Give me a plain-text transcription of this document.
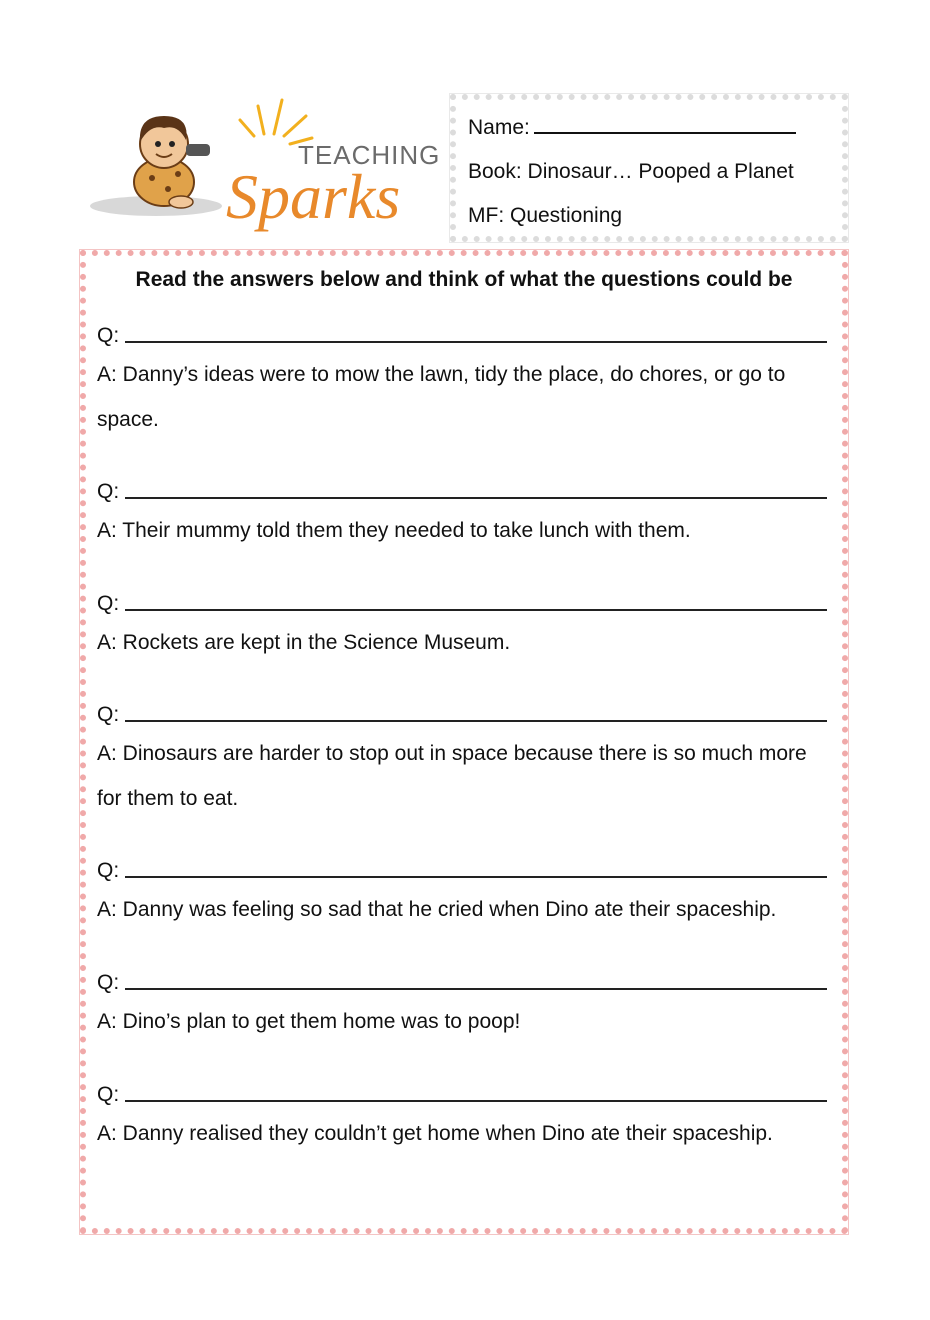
TEACHING
Sparks
Name:
Book: Dinosaur… Pooped a Planet
MF: Questioning
Read the answers below and think of what the questions could be
Q:
A: Danny’s ideas were to mow the lawn, tidy the place, do chores, or go to space.
Q:
A: Their mummy told them they needed to take lunch with them.
Q:
A: Rockets are kept in the Science Museum.
Q:
A: Dinosaurs are harder to stop out in space because there is so much more for them to eat.
Q:
A: Danny was feeling so sad that he cried when Dino ate their spaceship.
Q:
A: Dino’s plan to get them home was to poop!
Q:
A: Danny realised they couldn’t get home when Dino ate their spaceship.
